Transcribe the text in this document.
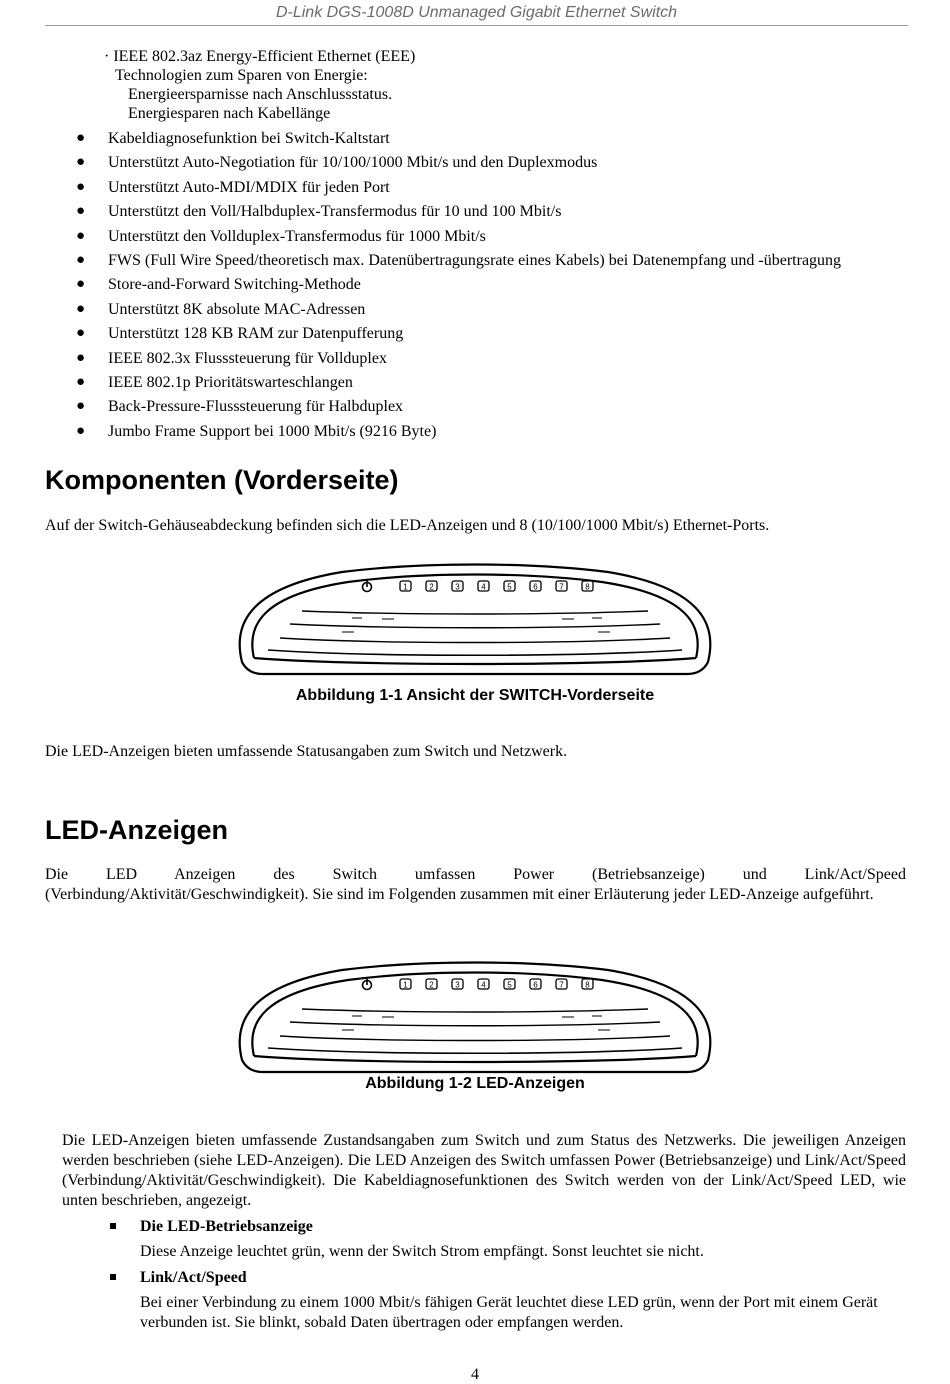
D-Link DGS-1008D Unmanaged Gigabit Ethernet Switch
· IEEE 802.3az Energy-Efficient Ethernet (EEE)
Technologien zum Sparen von Energie:
Energieersparnisse nach Anschlussstatus.
Energiesparen nach Kabellänge
● Kabeldiagnosefunktion bei Switch-Kaltstart
● Unterstützt Auto-Negotiation für 10/100/1000 Mbit/s und den Duplexmodus
● Unterstützt Auto-MDI/MDIX für jeden Port
● Unterstützt den Voll/Halbduplex-Transfermodus für 10 und 100 Mbit/s
● Unterstützt den Vollduplex-Transfermodus für 1000 Mbit/s
● FWS (Full Wire Speed/theoretisch max. Datenübertragungsrate eines Kabels) bei Datenempfang und -übertragung
● Store-and-Forward Switching-Methode
● Unterstützt 8K absolute MAC-Adressen
● Unterstützt 128 KB RAM zur Datenpufferung
● IEEE 802.3x Flusssteuerung für Vollduplex
● IEEE 802.1p Prioritätswarteschlangen
● Back-Pressure-Flusssteuerung für Halbduplex
● Jumbo Frame Support bei 1000 Mbit/s (9216 Byte)
Komponenten (Vorderseite)
Auf der Switch-Gehäuseabdeckung befinden sich die LED-Anzeigen und 8 (10/100/1000 Mbit/s) Ethernet-Ports.
1	2	3	4	5	6	7	8
Abbildung 1-1 Ansicht der SWITCH-Vorderseite
Die LED-Anzeigen bieten umfassende Statusangaben zum Switch und Netzwerk.
LED-Anzeigen
Die LED Anzeigen des Switch umfassen Power (Betriebsanzeige) und Link/Act/Speed
(Verbindung/Aktivität/Geschwindigkeit). Sie sind im Folgenden zusammen mit einer Erläuterung jeder LED-Anzeige aufgeführt.
1	2	3	4	5	6	7	8
Abbildung 1-2 LED-Anzeigen
Die LED-Anzeigen bieten umfassende Zustandsangaben zum Switch und zum Status des Netzwerks. Die jeweiligen Anzeigen werden beschrieben (siehe LED-Anzeigen). Die LED Anzeigen des Switch umfassen Power (Betriebsanzeige) und Link/Act/Speed (Verbindung/Aktivität/Geschwindigkeit). Die Kabeldiagnosefunktionen des Switch werden von der Link/Act/Speed LED, wie unten beschrieben, angezeigt.
Die LED-Betriebsanzeige
Diese Anzeige leuchtet grün, wenn der Switch Strom empfängt. Sonst leuchtet sie nicht.
Link/Act/Speed
Bei einer Verbindung zu einem 1000 Mbit/s fähigen Gerät leuchtet diese LED grün, wenn der Port mit einem Gerät verbunden ist. Sie blinkt, sobald Daten übertragen oder empfangen werden.
4
